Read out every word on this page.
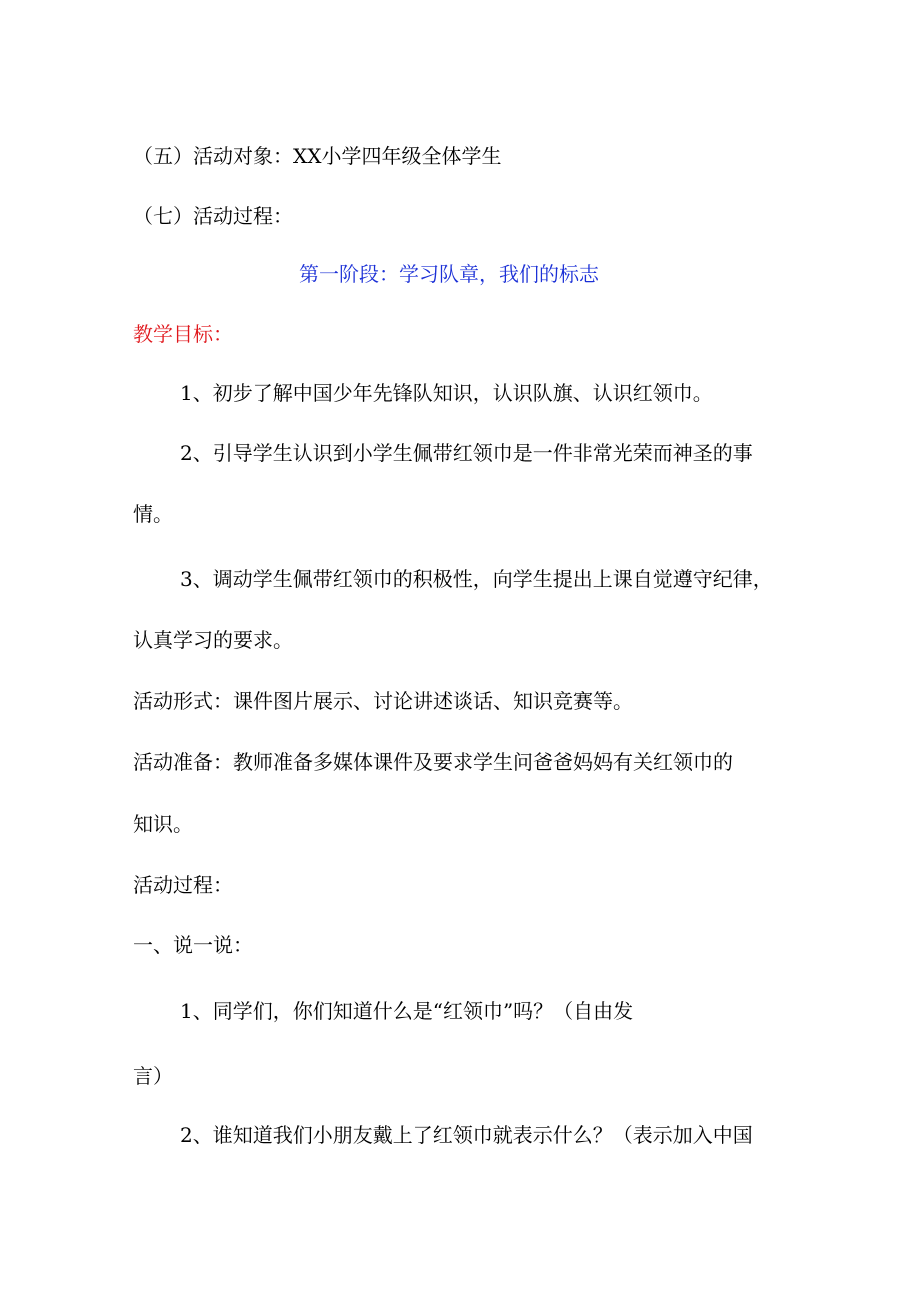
（五）活动对象：XX小学四年级全体学生
（七）活动过程：
第一阶段：学习队章，我们的标志
教学目标：
1、初步了解中国少年先锋队知识，认识队旗、认识红领巾。
2、引导学生认识到小学生佩带红领巾是一件非常光荣而神圣的事
情。
3、调动学生佩带红领巾的积极性，向学生提出上课自觉遵守纪律，
认真学习的要求。
活动形式：课件图片展示、讨论讲述谈话、知识竞赛等。
活动准备：教师准备多媒体课件及要求学生问爸爸妈妈有关红领巾的
知识。
活动过程：
一、说一说：
1、同学们，你们知道什么是“红领巾”吗？（自由发
言）
2、谁知道我们小朋友戴上了红领巾就表示什么？（表示加入中国
